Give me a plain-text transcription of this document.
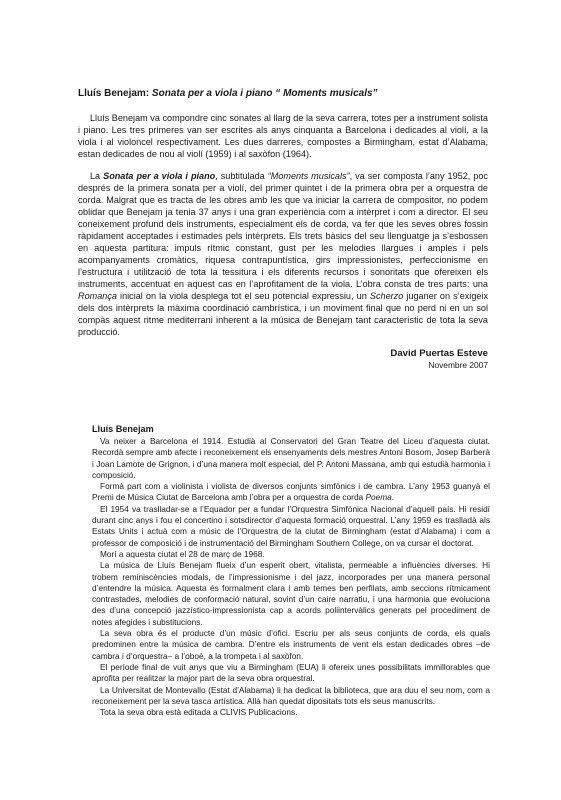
Lluís Benejam: Sonata per a viola i piano “ Moments musicals”

Lluís Benejam va compondre cinc sonates al llarg de la seva carrera, totes per a instrument solista i piano. Les tres primeres van ser escrites als anys cinquanta a Barcelona i dedicades al violí, a la viola i al violoncel respectivament. Les dues darreres, compostes a Birmingham, estat d’Alabama, estan dedicades de nou al violí (1959) i al saxòfon (1964).

La Sonata per a viola i piano, subtitulada “Moments musicals”, va ser composta l’any 1952, poc després de la primera sonata per a violí, del primer quintet i de la primera obra per a orquestra de corda. Malgrat que es tracta de les obres amb les que va iniciar la carrera de compositor, no podem oblidar que Benejam ja tenia 37 anys i una gran experiència com a intèrpret i com a director. El seu coneixement profund dels instruments, especialment els de corda, va fer que les seves obres fossin ràpidament acceptades i estimades pels intèrprets. Els trets bàsics del seu llenguatge ja s’esbossen en aquesta partitura: impuls rítmic constant, gust per les melodies llargues i amples i pels acompanyaments cromàtics, riquesa contrapuntística, girs impressionistes, perfeccionisme en l’estructura i utilització de tota la tessitura i els diferents recursos i sonoritats que ofereixen els instruments, accentuat en aquest cas en l’aprofitament de la viola. L’obra consta de tres parts: una Romança inicial on la viola desplega tot el seu potencial expressiu, un Scherzo juganer on s’exigeix dels dos intèrprets la màxima coordinació cambrística, i un moviment final que no perd ni en un sol compàs aquest ritme mediterrani inherent a la música de Benejam tant característic de tota la seva producció.

David Puertas Esteve
Novembre 2007

Lluís Benejam

Va neixer a Barcelona el 1914. Estudià al Conservatori del Gran Teatre del Liceu d’aquesta ciutat. Recordà sempre amb afecte i reconeixement els ensenyaments dels mestres Antoni Bosom, Josep Barberà i Joan Lamote de Grignon, i d’una manera molt especial, del P. Antoni Massana, amb qui estudià harmonia i composició.

Formà part com a violinista i violista de diversos conjunts simfònics i de cambra. L’any 1953 guanyà el Premi de Música Ciutat de Barcelona amb l’obra per a orquestra de corda Poema.

El 1954 va traslladar-se a l’Equador per a fundar l’Orquestra Simfònica Nacional d’aquell país. Hi residí durant cinc anys i fou el concertino i sotsdirector d’aquesta formació orquestral. L’any 1959 es traslladà als Estats Units i actuà com a músic de l’Orquestra de la ciutat de Birmingham (estat d’Alabama) i com a professor de composició i de instrumentació del Birmingham Southern College, on va cursar el doctorat.

Morí a aquesta ciutat el 28 de març de 1968.

La música de Lluís Benejam flueix d’un esperit obert, vitalista, permeable a influències diverses. Hi trobem reminiscències modals, de l’impressionisme i del jazz, incorporades per una manera personal d’entendre la música. Aquesta és formalment clara i amb temes ben perfilats, amb seccions rítmicament contrastades, melodies de conformació natural, sovint d’un caire narratiu, i una harmonia que evoluciona des d’una concepció jazzístico-impressionista cap a acords poliintervàlics generats pel procediment de notes afegides i substitucions.

La seva obra és el producte d’un músic d’ofici. Escriu per als seus conjunts de corda, els quals predominen entre la música de cambra. D’entre els instruments de vent els estan dedicades obres –de cambra i d’orquestra– a l’oboè, a la trompeta i al saxòfon.

El període final de vuit anys que viu a Birmingham (EUA) li ofereix unes possibilitats immillorables que aprofita per realitzar la major part de la seva obra orquestral.

La Universitat de Montevallo (Estat d’Alabama) li ha dedicat la biblioteca, que ara duu el seu nom, com a reconeixement per la seva tasca artística. Allà han quedat dipositats tots els seus manuscrits.

Tota la seva obra està editada a CLIVIS Publicacions.
